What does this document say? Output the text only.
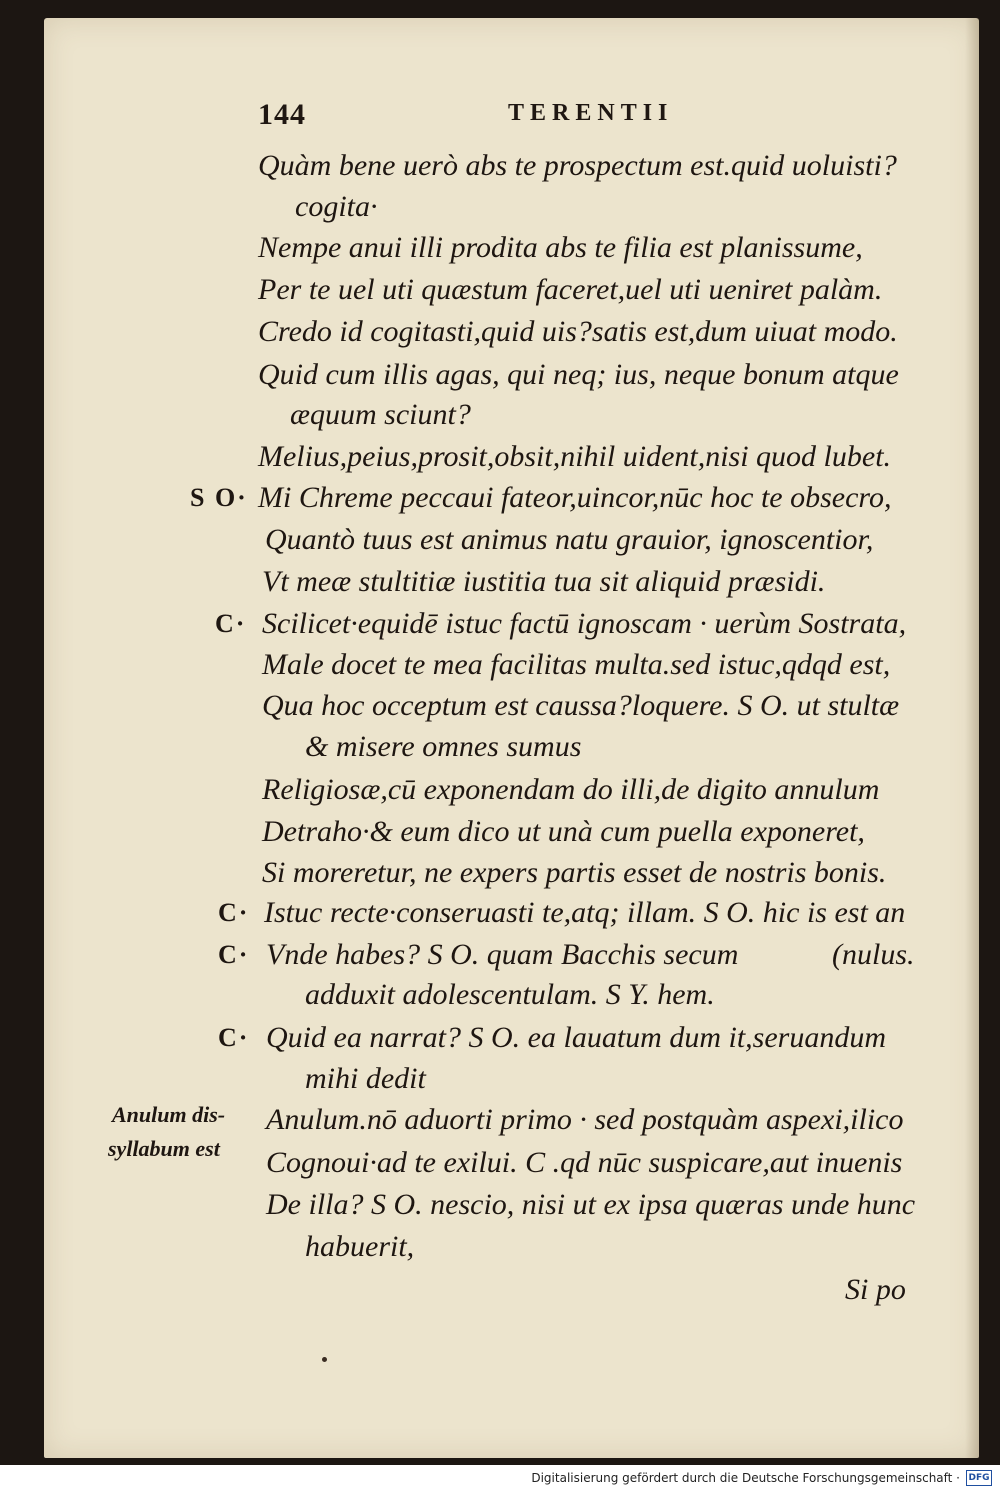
144	TERENTII
Quàm bene uerò abs te prospectum est.quid uoluisti?
cogita·
Nempe anui illi prodita abs te filia est planissume,
Per te uel uti quæstum faceret,uel uti ueniret palàm.
Credo id cogitasti,quid uis?satis est,dum uiuat modo.
Quid cum illis agas, qui neq; ius, neque bonum atque
æquum sciunt?
Melius,peius,prosit,obsit,nihil uident,nisi quod lubet.
Mi Chreme peccaui fateor,uincor,nūc hoc te obsecro,
Quantò tuus est animus natu grauior, ignoscentior,
Vt meæ stultitiæ iustitia tua sit aliquid præsidi.
Scilicet·equidē istuc factū ignoscam · uerùm Sostrata,
Male docet te mea facilitas multa.sed istuc,qdqd est,
Qua hoc occeptum est caussa?loquere. S O. ut stultæ
& misere omnes sumus
Religiosæ,cū exponendam do illi,de digito annulum
Detraho·& eum dico ut unà cum puella exponeret,
Si moreretur, ne expers partis esset de nostris bonis.
Istuc recte·conseruasti te,atq; illam. S O. hic is est an
Vnde habes? S O. quam Bacchis secum	(nulus.
adduxit adolescentulam. S Y. hem.
Quid ea narrat? S O. ea lauatum dum it,seruandum
mihi dedit
Anulum.nō aduorti primo · sed postquàm aspexi,ilico
Cognoui·ad te exilui. C .qd nūc suspicare,aut inuenis
De illa? S O. nescio, nisi ut ex ipsa quæras unde hunc
habuerit,
S O·
C·
C·
C·
C·
Anulum dis-
syllabum est
Si po
Digitalisierung gefördert durch die Deutsche Forschungsgemeinschaft · DFG
